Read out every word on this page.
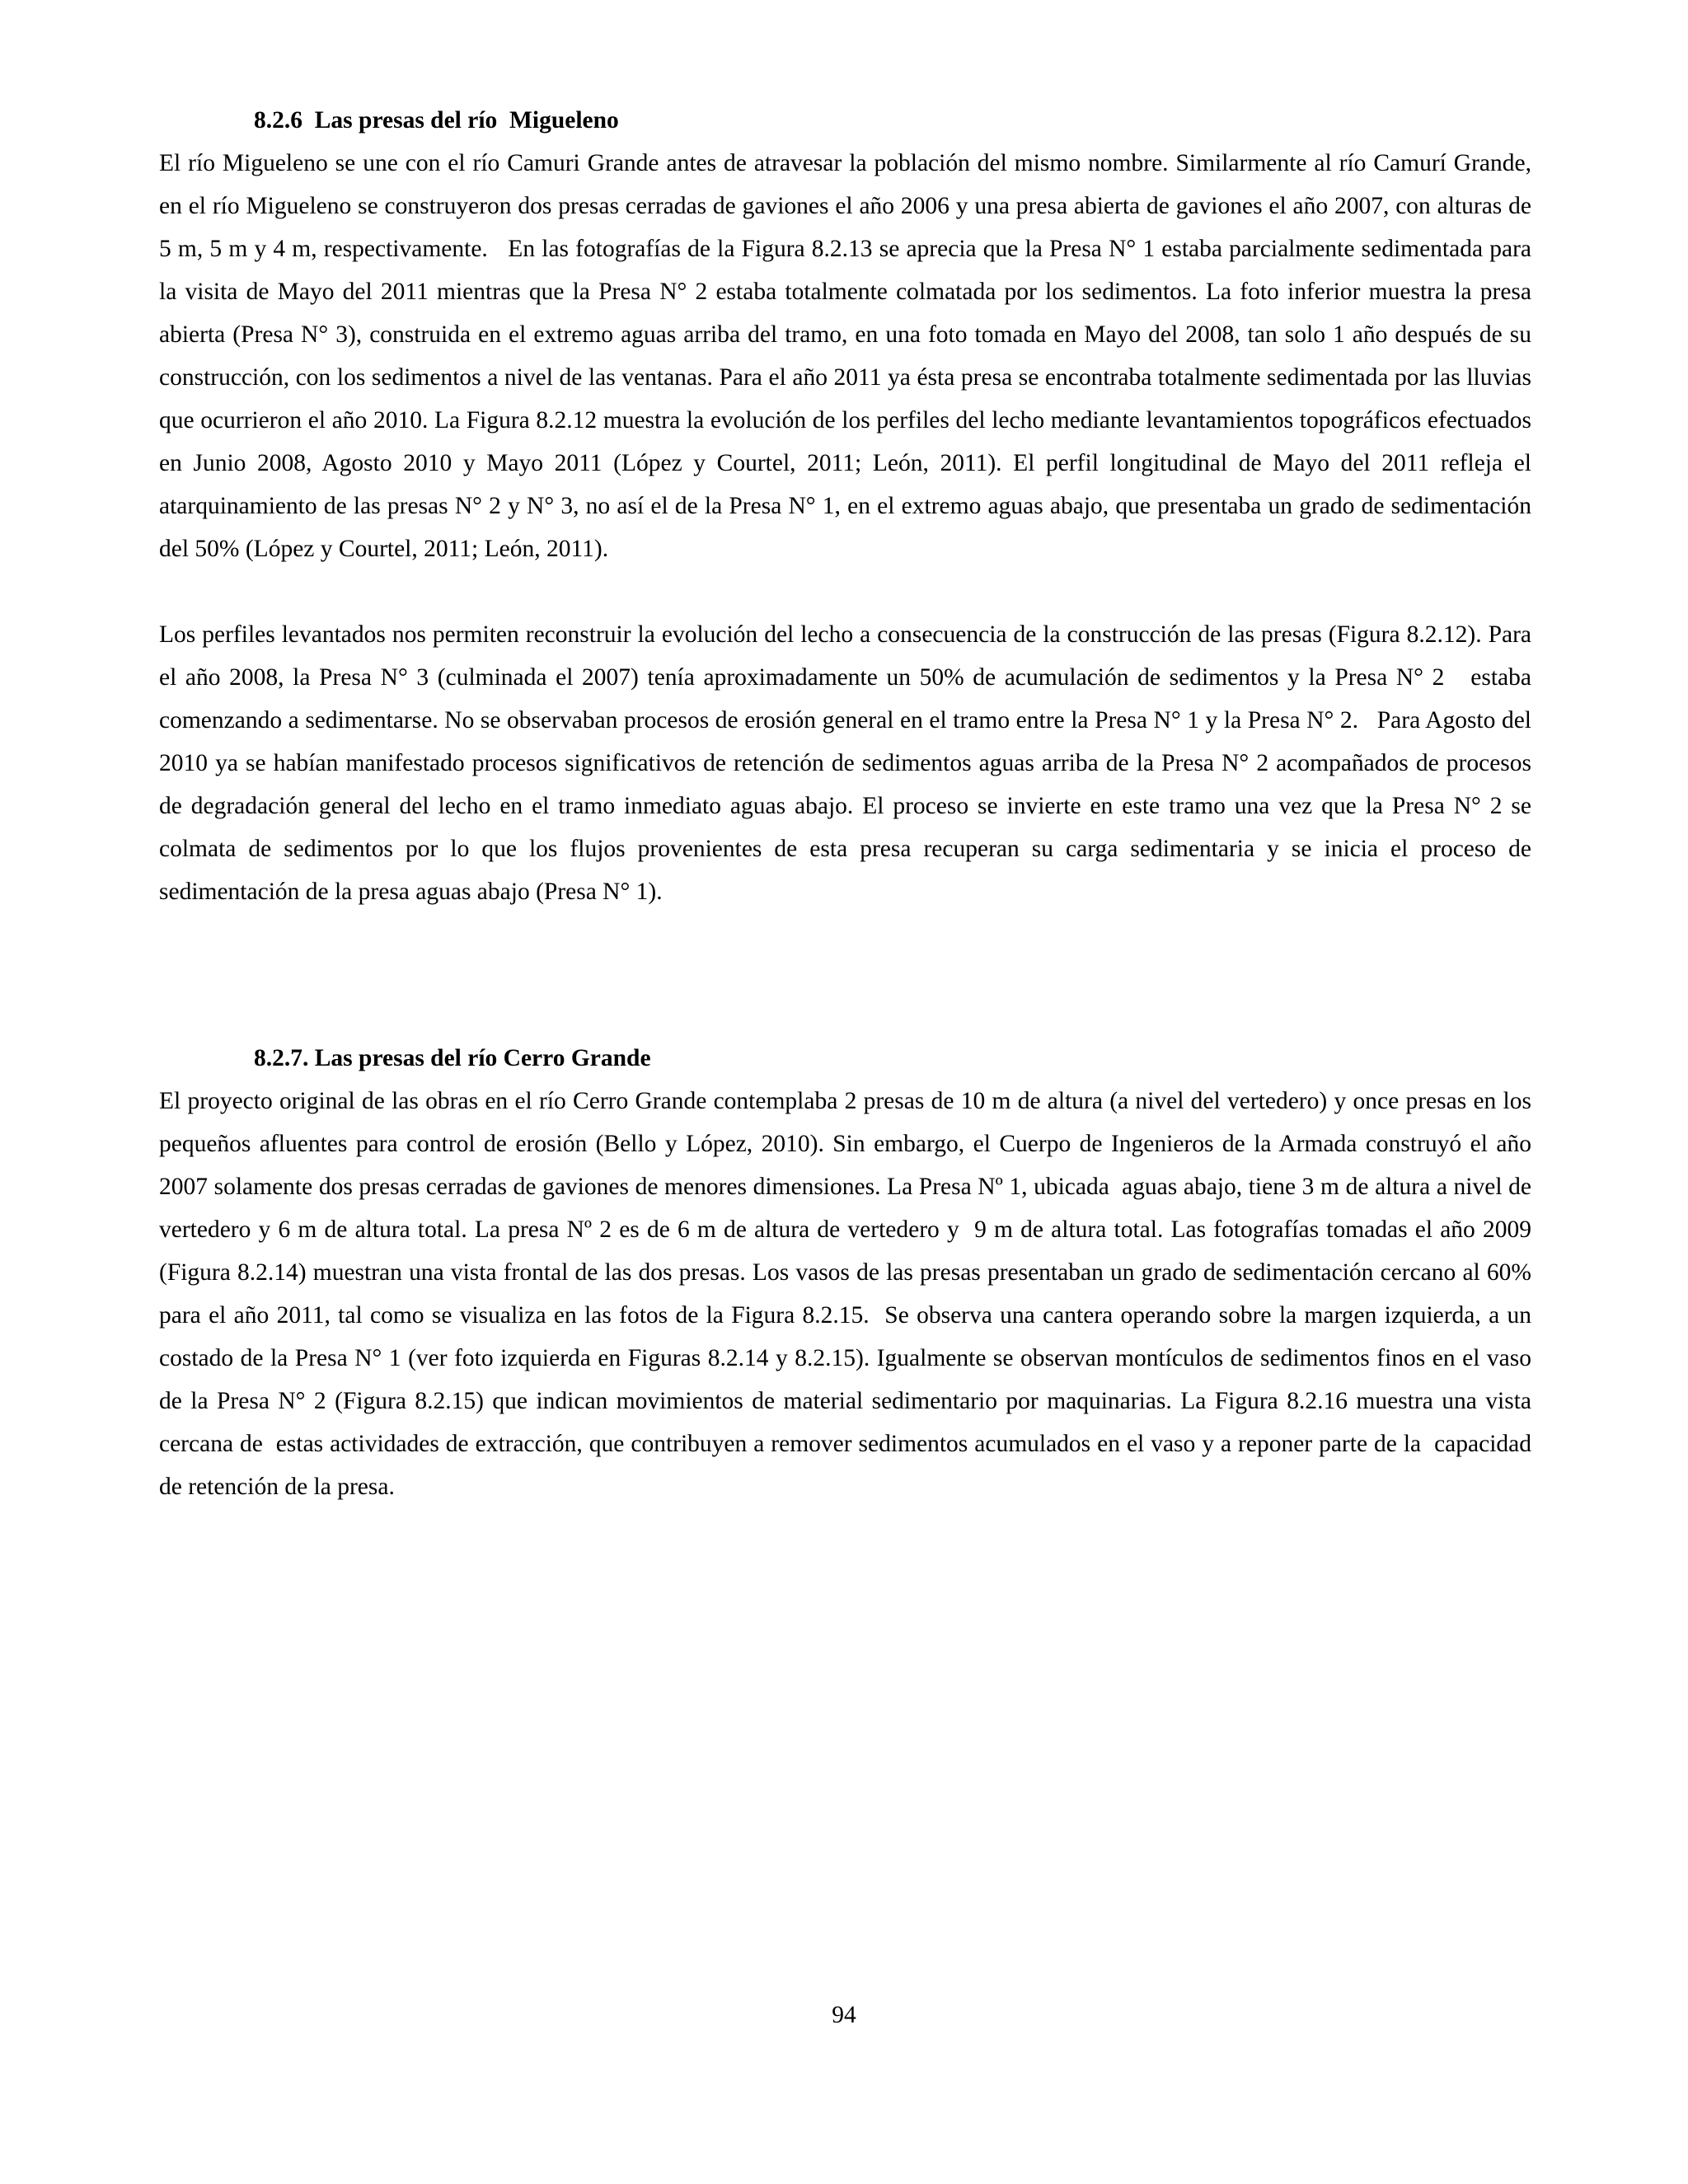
8.2.6  Las presas del río  Migueleno

El río Migueleno se une con el río Camuri Grande antes de atravesar la población del mismo nombre. Similarmente al río Camurí Grande, en el río Migueleno se construyeron dos presas cerradas de gaviones el año 2006 y una presa abierta de gaviones el año 2007, con alturas de 5 m, 5 m y 4 m, respectivamente.   En las fotografías de la Figura 8.2.13 se aprecia que la Presa N° 1 estaba parcialmente sedimentada para la visita de Mayo del 2011 mientras que la Presa N° 2 estaba totalmente colmatada por los sedimentos. La foto inferior muestra la presa abierta (Presa N° 3), construida en el extremo aguas arriba del tramo, en una foto tomada en Mayo del 2008, tan solo 1 año después de su construcción, con los sedimentos a nivel de las ventanas. Para el año 2011 ya ésta presa se encontraba totalmente sedimentada por las lluvias que ocurrieron el año 2010. La Figura 8.2.12 muestra la evolución de los perfiles del lecho mediante levantamientos topográficos efectuados en Junio 2008, Agosto 2010 y Mayo 2011 (López y Courtel, 2011; León, 2011). El perfil longitudinal de Mayo del 2011 refleja el atarquinamiento de las presas N° 2 y N° 3, no así el de la Presa N° 1, en el extremo aguas abajo, que presentaba un grado de sedimentación del 50% (López y Courtel, 2011; León, 2011).

Los perfiles levantados nos permiten reconstruir la evolución del lecho a consecuencia de la construcción de las presas (Figura 8.2.12). Para el año 2008, la Presa N° 3 (culminada el 2007) tenía aproximadamente un 50% de acumulación de sedimentos y la Presa N° 2   estaba comenzando a sedimentarse. No se observaban procesos de erosión general en el tramo entre la Presa N° 1 y la Presa N° 2.   Para Agosto del 2010 ya se habían manifestado procesos significativos de retención de sedimentos aguas arriba de la Presa N° 2 acompañados de procesos de degradación general del lecho en el tramo inmediato aguas abajo. El proceso se invierte en este tramo una vez que la Presa N° 2 se colmata de sedimentos por lo que los flujos provenientes de esta presa recuperan su carga sedimentaria y se inicia el proceso de sedimentación de la presa aguas abajo (Presa N° 1).

8.2.7. Las presas del río Cerro Grande

El proyecto original de las obras en el río Cerro Grande contemplaba 2 presas de 10 m de altura (a nivel del vertedero) y once presas en los pequeños afluentes para control de erosión (Bello y López, 2010). Sin embargo, el Cuerpo de Ingenieros de la Armada construyó el año 2007 solamente dos presas cerradas de gaviones de menores dimensiones. La Presa Nº 1, ubicada  aguas abajo, tiene 3 m de altura a nivel de vertedero y 6 m de altura total. La presa Nº 2 es de 6 m de altura de vertedero y  9 m de altura total. Las fotografías tomadas el año 2009 (Figura 8.2.14) muestran una vista frontal de las dos presas. Los vasos de las presas presentaban un grado de sedimentación cercano al 60% para el año 2011, tal como se visualiza en las fotos de la Figura 8.2.15.  Se observa una cantera operando sobre la margen izquierda, a un costado de la Presa N° 1 (ver foto izquierda en Figuras 8.2.14 y 8.2.15). Igualmente se observan montículos de sedimentos finos en el vaso de la Presa N° 2 (Figura 8.2.15) que indican movimientos de material sedimentario por maquinarias. La Figura 8.2.16 muestra una vista cercana de  estas actividades de extracción, que contribuyen a remover sedimentos acumulados en el vaso y a reponer parte de la  capacidad de retención de la presa.

94
